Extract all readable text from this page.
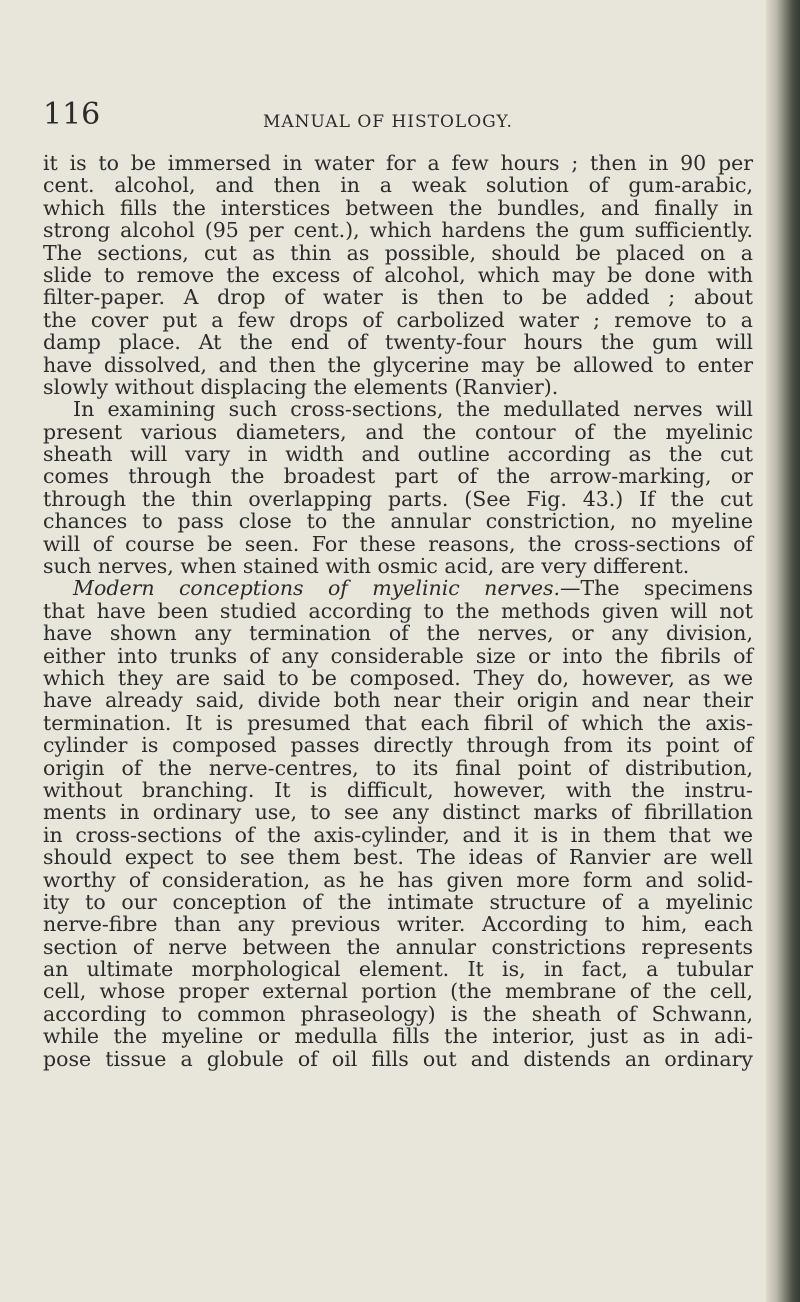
116	MANUAL OF HISTOLOGY.
it is to be immersed in water for a few hours ; then in 90 per
cent. alcohol, and then in a weak solution of gum-arabic,
which fills the interstices between the bundles, and finally in
strong alcohol (95 per cent.), which hardens the gum sufficiently.
The sections, cut as thin as possible, should be placed on a
slide to remove the excess of alcohol, which may be done with
filter-paper. A drop of water is then to be added ; about
the cover put a few drops of carbolized water ; remove to a
damp place. At the end of twenty-four hours the gum will
have dissolved, and then the glycerine may be allowed to enter
slowly without displacing the elements (Ranvier).
In examining such cross-sections, the medullated nerves will
present various diameters, and the contour of the myelinic
sheath will vary in width and outline according as the cut
comes through the broadest part of the arrow-marking, or
through the thin overlapping parts. (See Fig. 43.) If the cut
chances to pass close to the annular constriction, no myeline
will of course be seen. For these reasons, the cross-sections of
such nerves, when stained with osmic acid, are very different.
Modern conceptions of myelinic nerves.—The specimens
that have been studied according to the methods given will not
have shown any termination of the nerves, or any division,
either into trunks of any considerable size or into the fibrils of
which they are said to be composed. They do, however, as we
have already said, divide both near their origin and near their
termination. It is presumed that each fibril of which the axis-
cylinder is composed passes directly through from its point of
origin of the nerve-centres, to its final point of distribution,
without branching. It is difficult, however, with the instru-
ments in ordinary use, to see any distinct marks of fibrillation
in cross-sections of the axis-cylinder, and it is in them that we
should expect to see them best. The ideas of Ranvier are well
worthy of consideration, as he has given more form and solid-
ity to our conception of the intimate structure of a myelinic
nerve-fibre than any previous writer. According to him, each
section of nerve between the annular constrictions represents
an ultimate morphological element. It is, in fact, a tubular
cell, whose proper external portion (the membrane of the cell,
according to common phraseology) is the sheath of Schwann,
while the myeline or medulla fills the interior, just as in adi-
pose tissue a globule of oil fills out and distends an ordinary
